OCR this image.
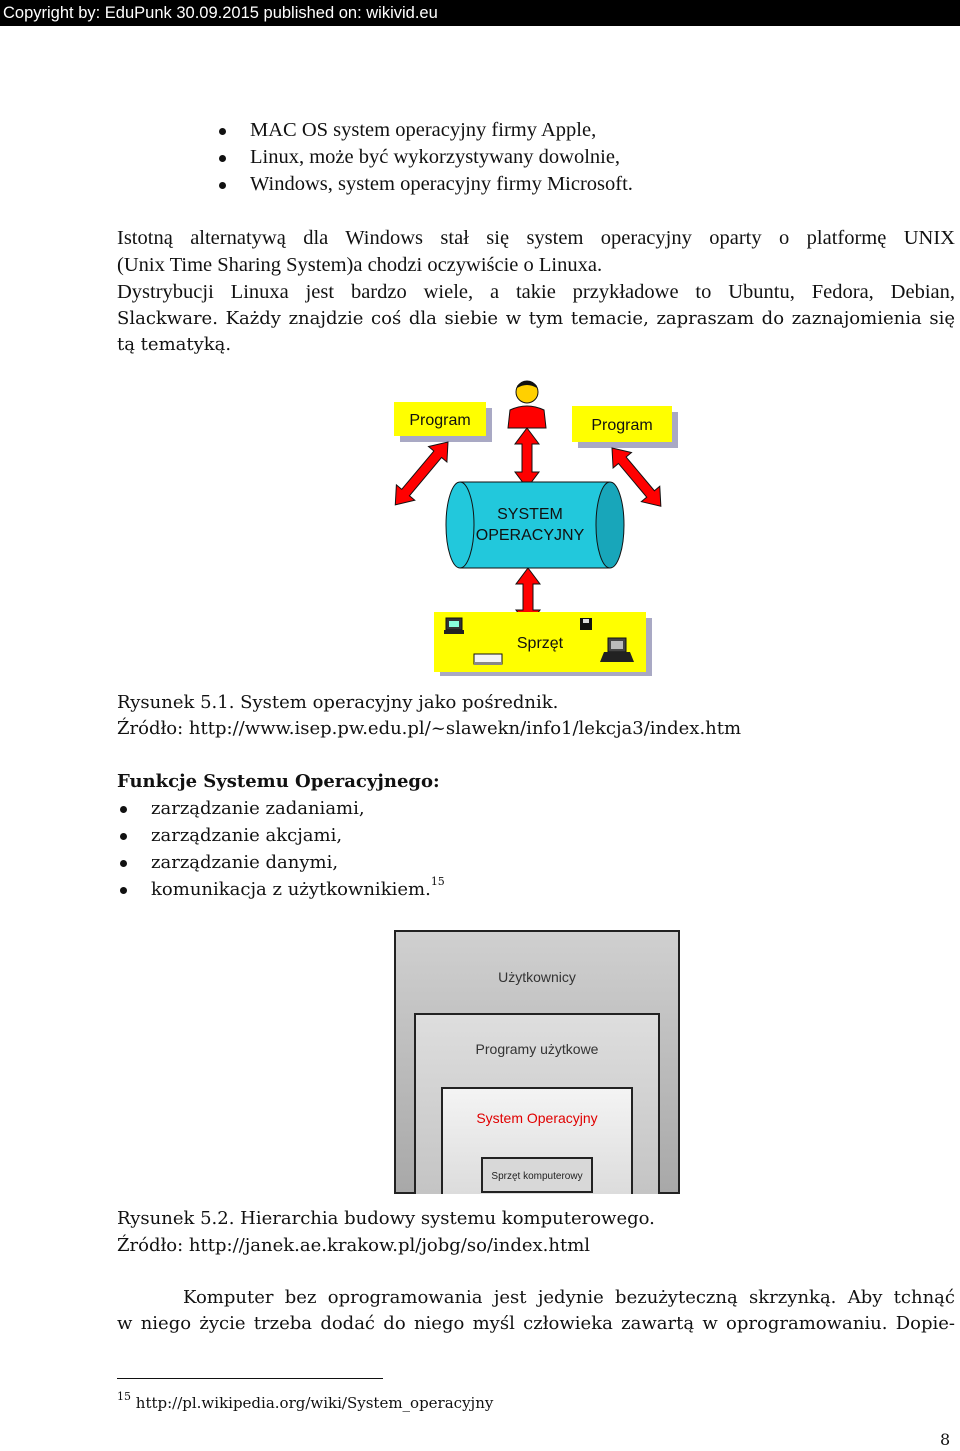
Copyright by: EduPunk 30.09.2015 published on: wikivid.eu
MAC OS system operacyjny firmy Apple,
Linux, może być wykorzystywany dowolnie,
Windows, system operacyjny firmy Microsoft.
Istotną alternatywą dla Windows stał się system operacyjny oparty o platformę UNIX
(Unix Time Sharing System)a chodzi oczywiście o Linuxa.
Dystrybucji Linuxa jest bardzo wiele, a takie przykładowe to Ubuntu, Fedora, Debian,
Slackware. Każdy znajdzie coś dla siebie w tym temacie, zapraszam do zaznajomienia się
tą tematyką.
Program	Program
SYSTEM
OPERACYJNY
Sprzęt
Rysunek 5.1. System operacyjny jako pośrednik.
Źródło: http://www.isep.pw.edu.pl/~slawekn/info1/lekcja3/index.htm
Funkcje Systemu Operacyjnego:
zarządzanie zadaniami,
zarządzanie akcjami,
zarządzanie danymi,
komunikacja z użytkownikiem.$^{15}$
Użytkownicy
Programy użytkowe
System Operacyjny
Sprzęt komputerowy
Rysunek 5.2. Hierarchia budowy systemu komputerowego.
Źródło: http://janek.ae.krakow.pl/jobg/so/index.html
Komputer bez oprogramowania jest jedynie bezużyteczną skrzynką. Aby tchnąć
w niego życie trzeba dodać do niego myśl człowieka zawartą w oprogramowaniu. Dopie-
$^{15}$ http://pl.wikipedia.org/wiki/System_operacyjny
8
